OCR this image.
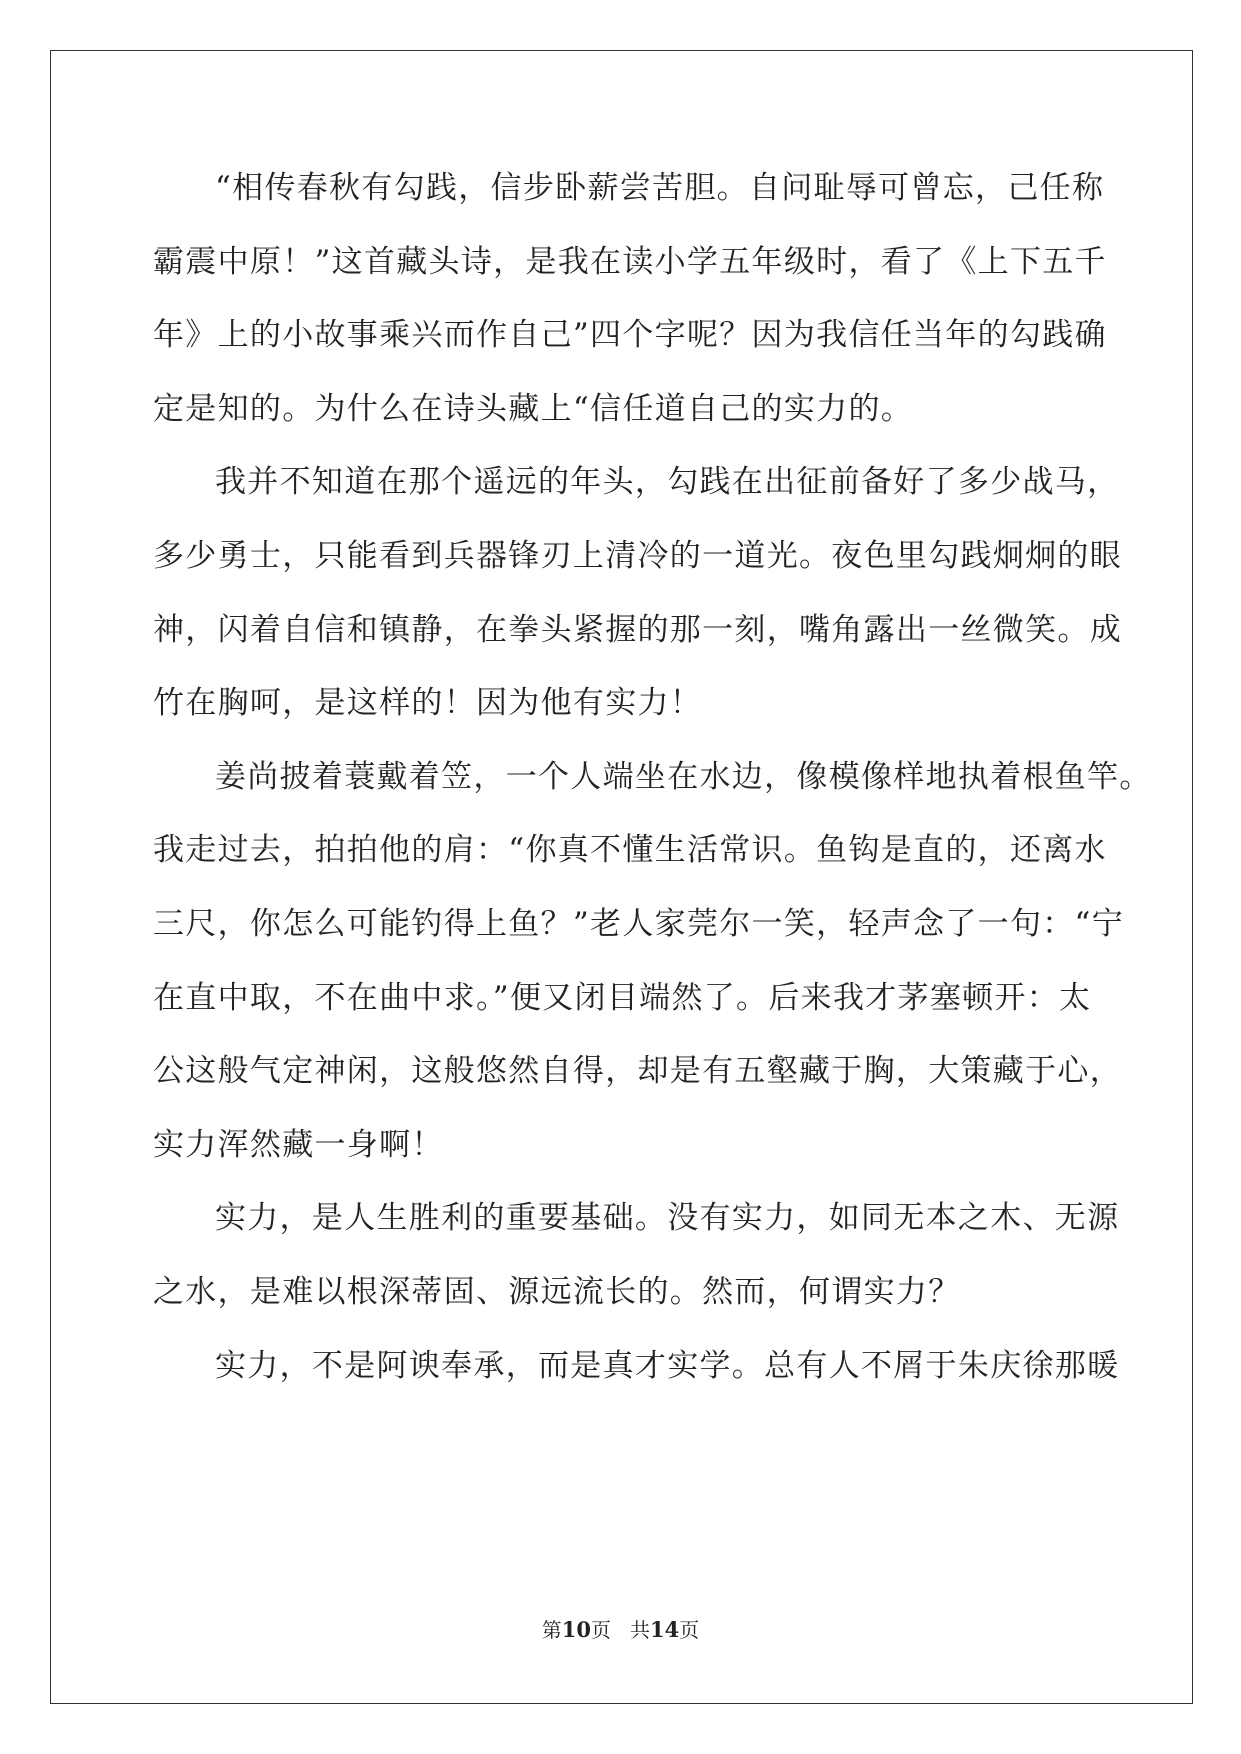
“相传春秋有勾践，信步卧薪尝苦胆。自问耻辱可曾忘，己任称
霸震中原！”这首藏头诗，是我在读小学五年级时，看了《上下五千
年》上的小故事乘兴而作自己”四个字呢？因为我信任当年的勾践确
定是知的。为什么在诗头藏上“信任道自己的实力的。
我并不知道在那个遥远的年头，勾践在出征前备好了多少战马，
多少勇士，只能看到兵器锋刃上清冷的一道光。夜色里勾践炯炯的眼
神，闪着自信和镇静，在拳头紧握的那一刻，嘴角露出一丝微笑。成
竹在胸呵，是这样的！因为他有实力！
姜尚披着蓑戴着笠，一个人端坐在水边，像模像样地执着根鱼竿。
我走过去，拍拍他的肩：“你真不懂生活常识。鱼钩是直的，还离水
三尺，你怎么可能钓得上鱼？”老人家莞尔一笑，轻声念了一句：“宁
在直中取，不在曲中求。”便又闭目端然了。后来我才茅塞顿开：太
公这般气定神闲，这般悠然自得，却是有五壑藏于胸，大策藏于心，
实力浑然藏一身啊！
实力，是人生胜利的重要基础。没有实力，如同无本之木、无源
之水，是难以根深蒂固、源远流长的。然而，何谓实力？
实力，不是阿谀奉承，而是真才实学。总有人不屑于朱庆徐那暖
第10页 共14页
